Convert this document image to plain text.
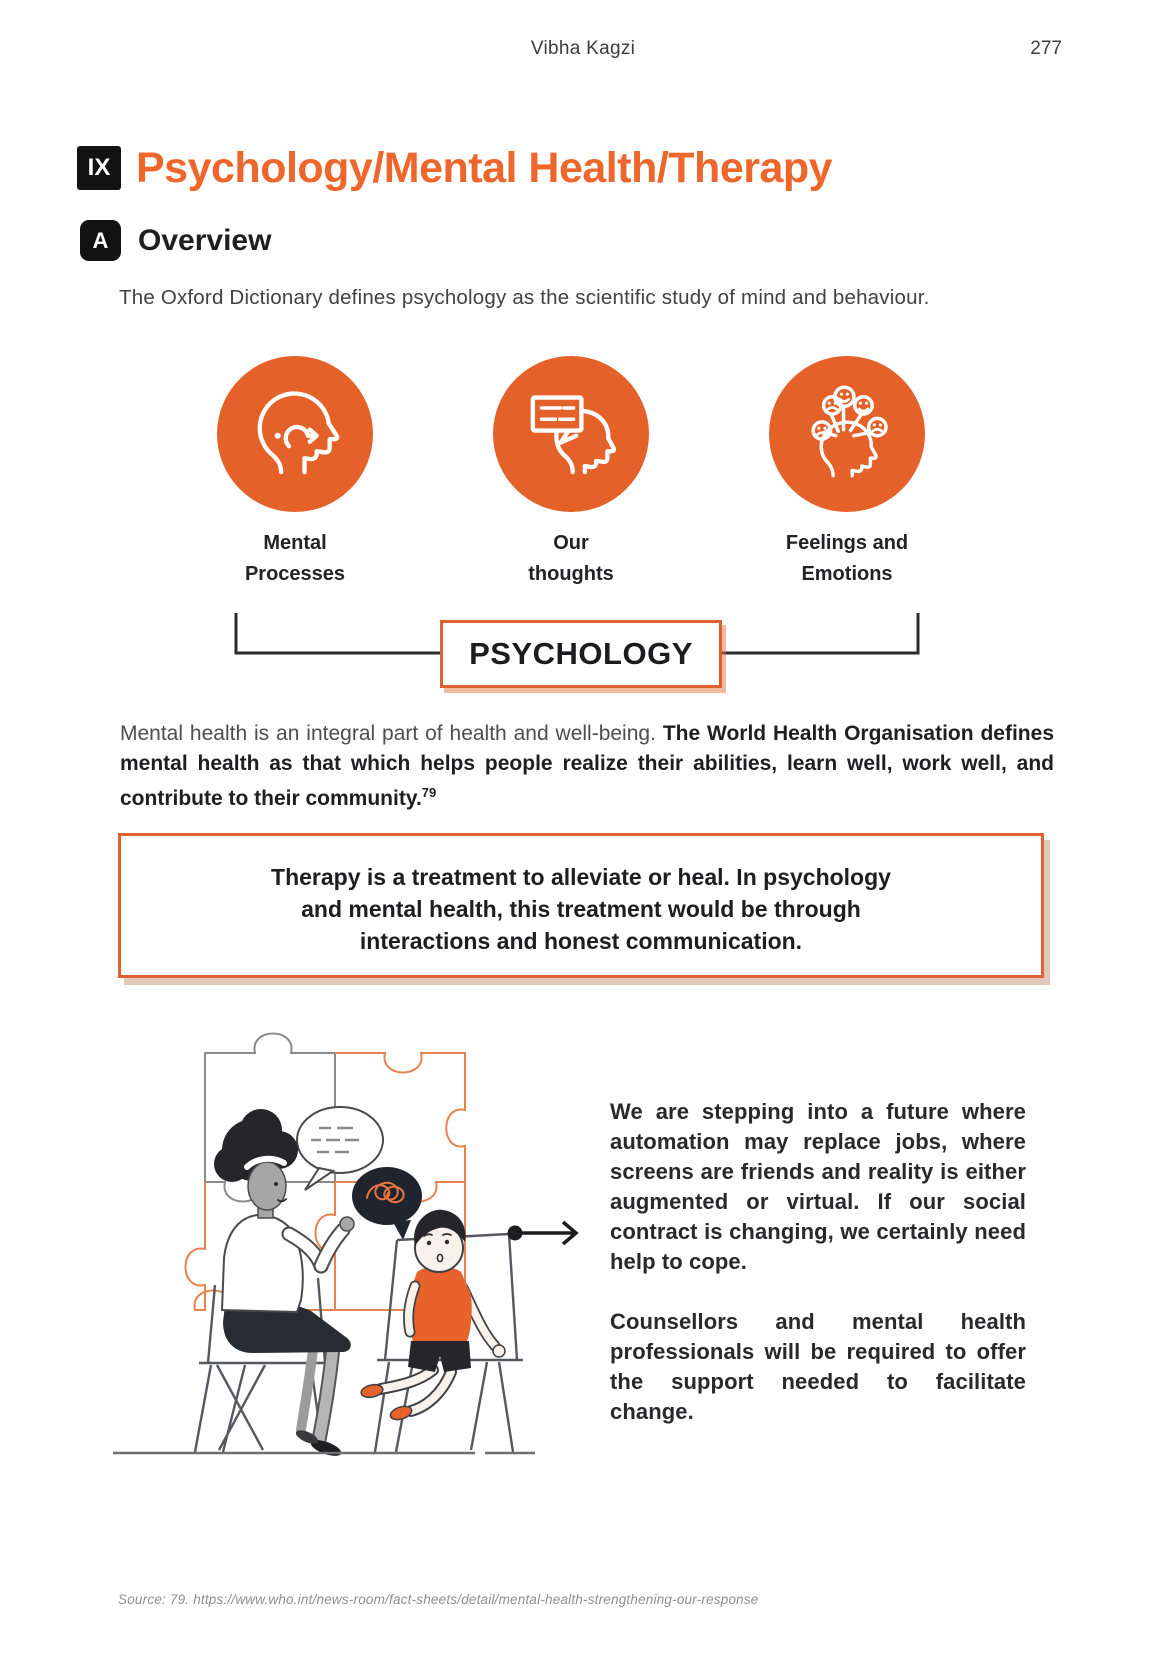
Vibha Kagzi	277
IX Psychology/Mental Health/Therapy
A Overview

The Oxford Dictionary defines psychology as the scientific study of mind and behaviour.

Mental
Processes
Our
thoughts
Feelings and
Emotions
PSYCHOLOGY

Mental health is an integral part of health and well-being. The World Health Organisation defines mental health as that which helps people realize their abilities, learn well, work well, and contribute to their community.$^{79}$

Therapy is a treatment to alleviate or heal. In psychology and mental health, this treatment would be through interactions and honest communication.

We are stepping into a future where automation may replace jobs, where screens are friends and reality is either augmented or virtual. If our social contract is changing, we certainly need help to cope.

Counsellors and mental health professionals will be required to offer the support needed to facilitate change.

Source: 79. https://www.who.int/news-room/fact-sheets/detail/mental-health-strengthening-our-response
